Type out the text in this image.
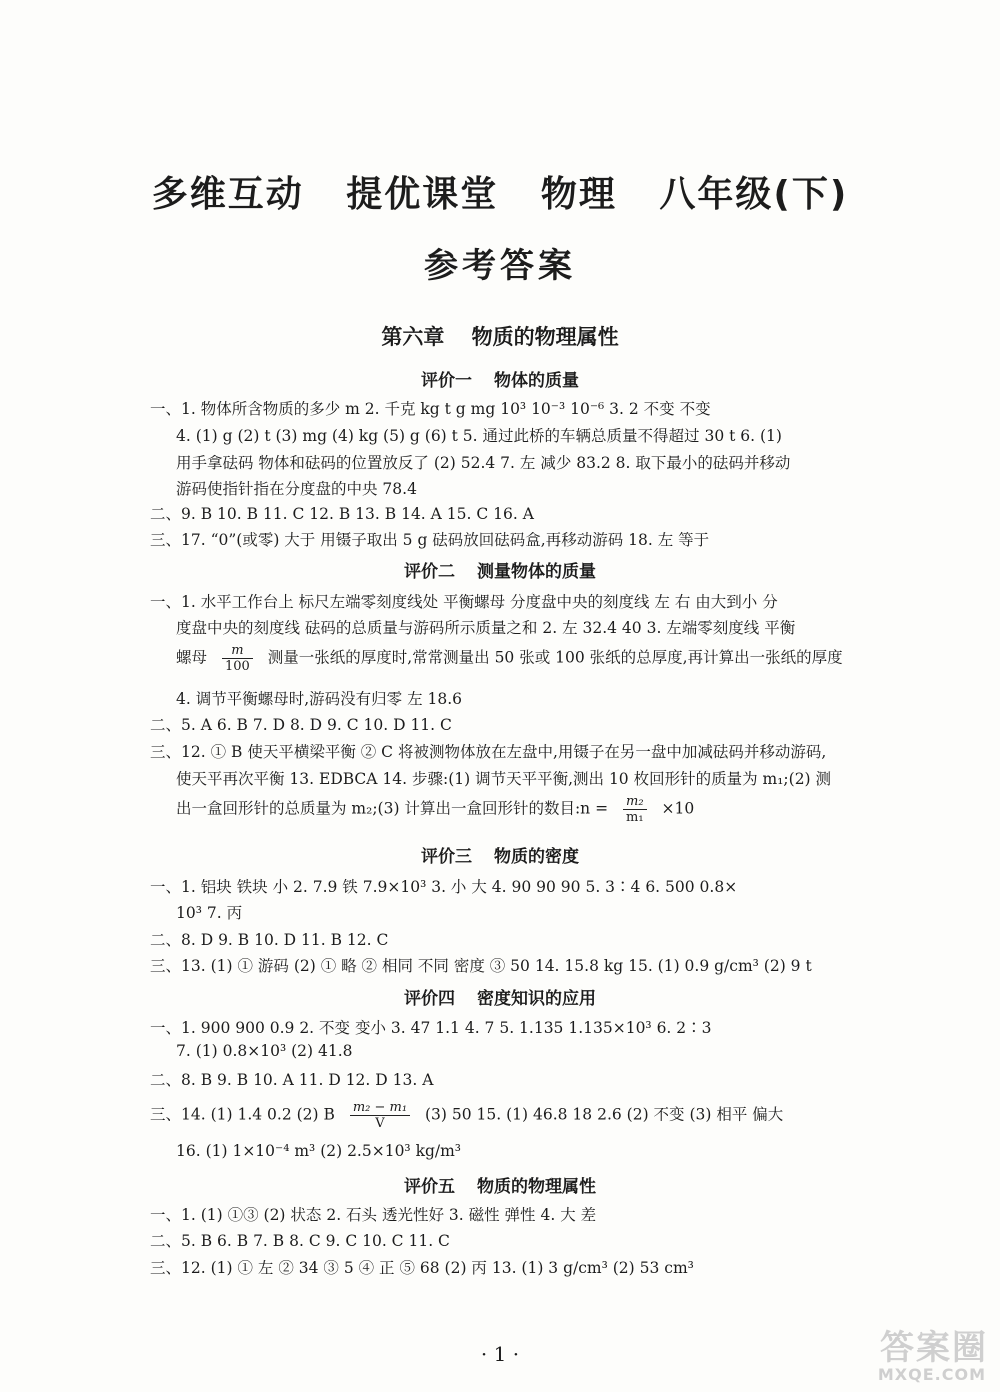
多维互动 提优课堂 物理 八年级(下)
参考答案
第六章 物质的物理属性
评价一 物体的质量
一、1. 物体所含物质的多少 m 2. 千克 kg t g mg 10³ 10⁻³ 10⁻⁶ 3. 2 不变 不变
4. (1) g (2) t (3) mg (4) kg (5) g (6) t 5. 通过此桥的车辆总质量不得超过 30 t 6. (1)
用手拿砝码 物体和砝码的位置放反了 (2) 52.4 7. 左 减少 83.2 8. 取下最小的砝码并移动
游码使指针指在分度盘的中央 78.4
二、9. B 10. B 11. C 12. B 13. B 14. A 15. C 16. A
三、17. “0”(或零) 大于 用镊子取出 5 g 砝码放回砝码盒,再移动游码 18. 左 等于
评价二 测量物体的质量
一、1. 水平工作台上 标尺左端零刻度线处 平衡螺母 分度盘中央的刻度线 左 右 由大到小 分
度盘中央的刻度线 砝码的总质量与游码所示质量之和 2. 左 32.4 40 3. 左端零刻度线 平衡
螺母 $\frac{m}{100}$ 测量一张纸的厚度时,常常测量出 50 张或 100 张纸的总厚度,再计算出一张纸的厚度
4. 调节平衡螺母时,游码没有归零 左 18.6
二、5. A 6. B 7. D 8. D 9. C 10. D 11. C
三、12. ① B 使天平横梁平衡 ② C 将被测物体放在左盘中,用镊子在另一盘中加减砝码并移动游码,
使天平再次平衡 13. EDBCA 14. 步骤:(1) 调节天平平衡,测出 10 枚回形针的质量为 m₁;(2) 测
出一盒回形针的总质量为 m₂;(3) 计算出一盒回形针的数目:n = $\frac{\text{m₂}}{\text{m₁}} \times 10$
评价三 物质的密度
一、1. 铝块 铁块 小 2. 7.9 铁 7.9×10³ 3. 小 大 4. 90 90 90 5. 3∶4 6. 500 0.8×
10³ 7. 丙
二、8. D 9. B 10. D 11. B 12. C
三、13. (1) ① 游码 (2) ① 略 ② 相同 不同 密度 ③ 50 14. 15.8 kg 15. (1) 0.9 g/cm³ (2) 9 t
评价四 密度知识的应用
一、1. 900 900 0.9 2. 不变 变小 3. 47 1.1 4. 7 5. 1.135 1.135×10³ 6. 2∶3
7. (1) 0.8×10³ (2) 41.8
二、8. B 9. B 10. A 11. D 12. D 13. A
三、14. (1) 1.4 0.2 (2) B $\frac{\text{m₂ − m₁}}{V} (3)$ 50 15. (1) 46.8 18 2.6 (2) 不变 (3) 相平 偏大
16. (1) 1×10⁻⁴ m³ (2) 2.5×10³ kg/m³
评价五 物质的物理属性
一、1. (1) ①③ (2) 状态 2. 石头 透光性好 3. 磁性 弹性 4. 大 差
二、5. B 6. B 7. B 8. C 9. C 10. C 11. C
三、12. (1) ① 左 ② 34 ③ 5 ④ 正 ⑤ 68 (2) 丙 13. (1) 3 g/cm³ (2) 53 cm³
· 1 ·	答案圈
MXQE.COM
